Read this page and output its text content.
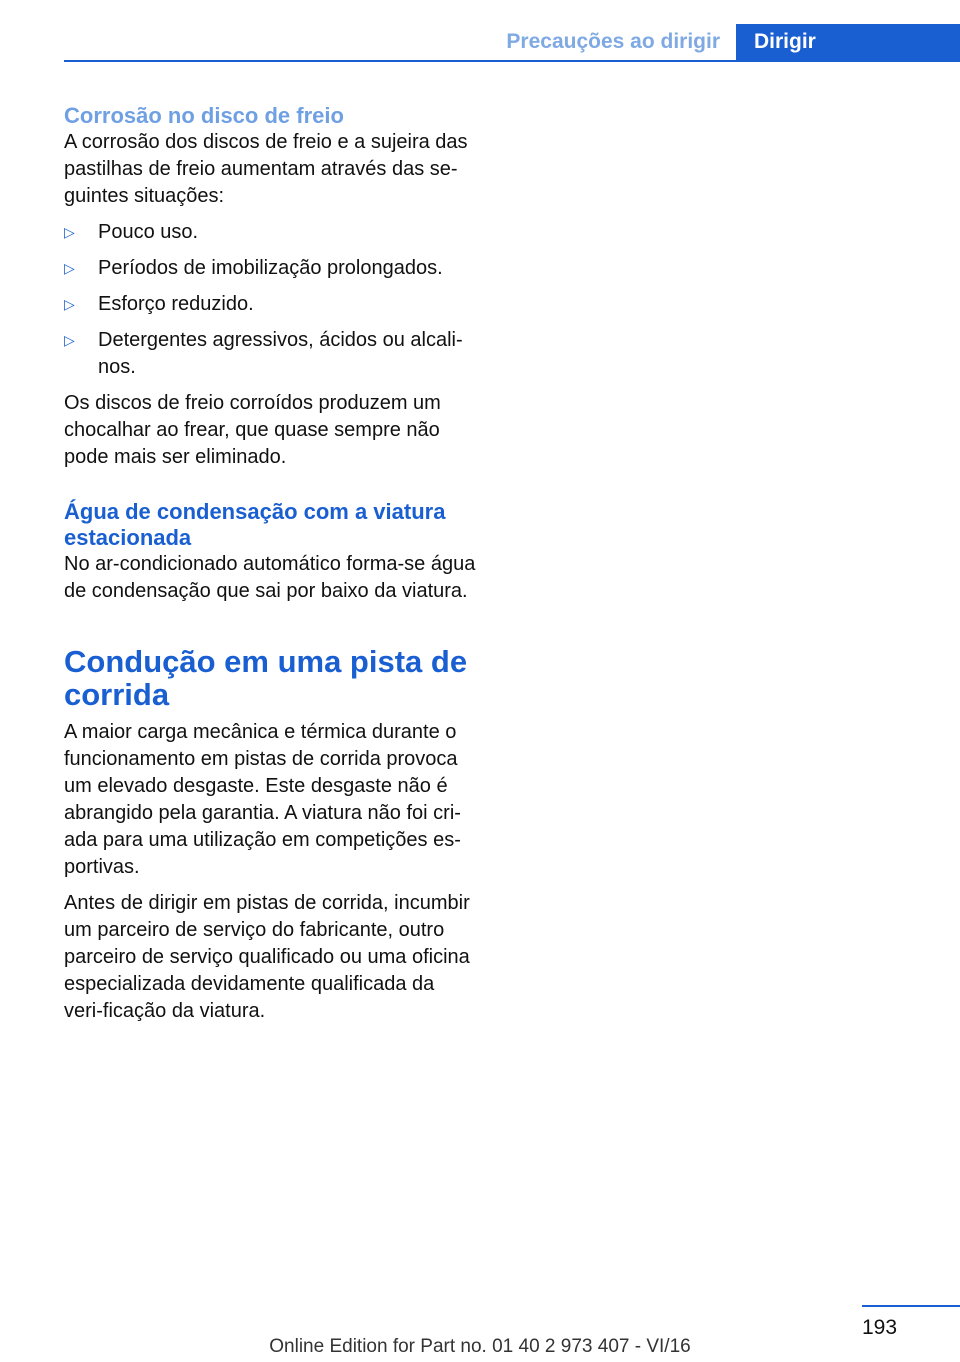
Precauções ao dirigir	Dirigir
Corrosão no disco de freio

A corrosão dos discos de freio e a sujeira das pastilhas de freio aumentam através das se-guintes situações:

▷ Pouco uso.
▷ Períodos de imobilização prolongados.
▷ Esforço reduzido.
▷ Detergentes agressivos, ácidos ou alcali-nos.

Os discos de freio corroídos produzem um chocalhar ao frear, que quase sempre não pode mais ser eliminado.

Água de condensação com a viatura estacionada

No ar-condicionado automático forma-se água de condensação que sai por baixo da viatura.

Condução em uma pista de corrida

A maior carga mecânica e térmica durante o funcionamento em pistas de corrida provoca um elevado desgaste. Este desgaste não é abrangido pela garantia. A viatura não foi cri-ada para uma utilização em competições es-portivas.

Antes de dirigir em pistas de corrida, incumbir um parceiro de serviço do fabricante, outro parceiro de serviço qualificado ou uma oficina especializada devidamente qualificada da veri-ficação da viatura.

193
Online Edition for Part no. 01 40 2 973 407 - VI/16
